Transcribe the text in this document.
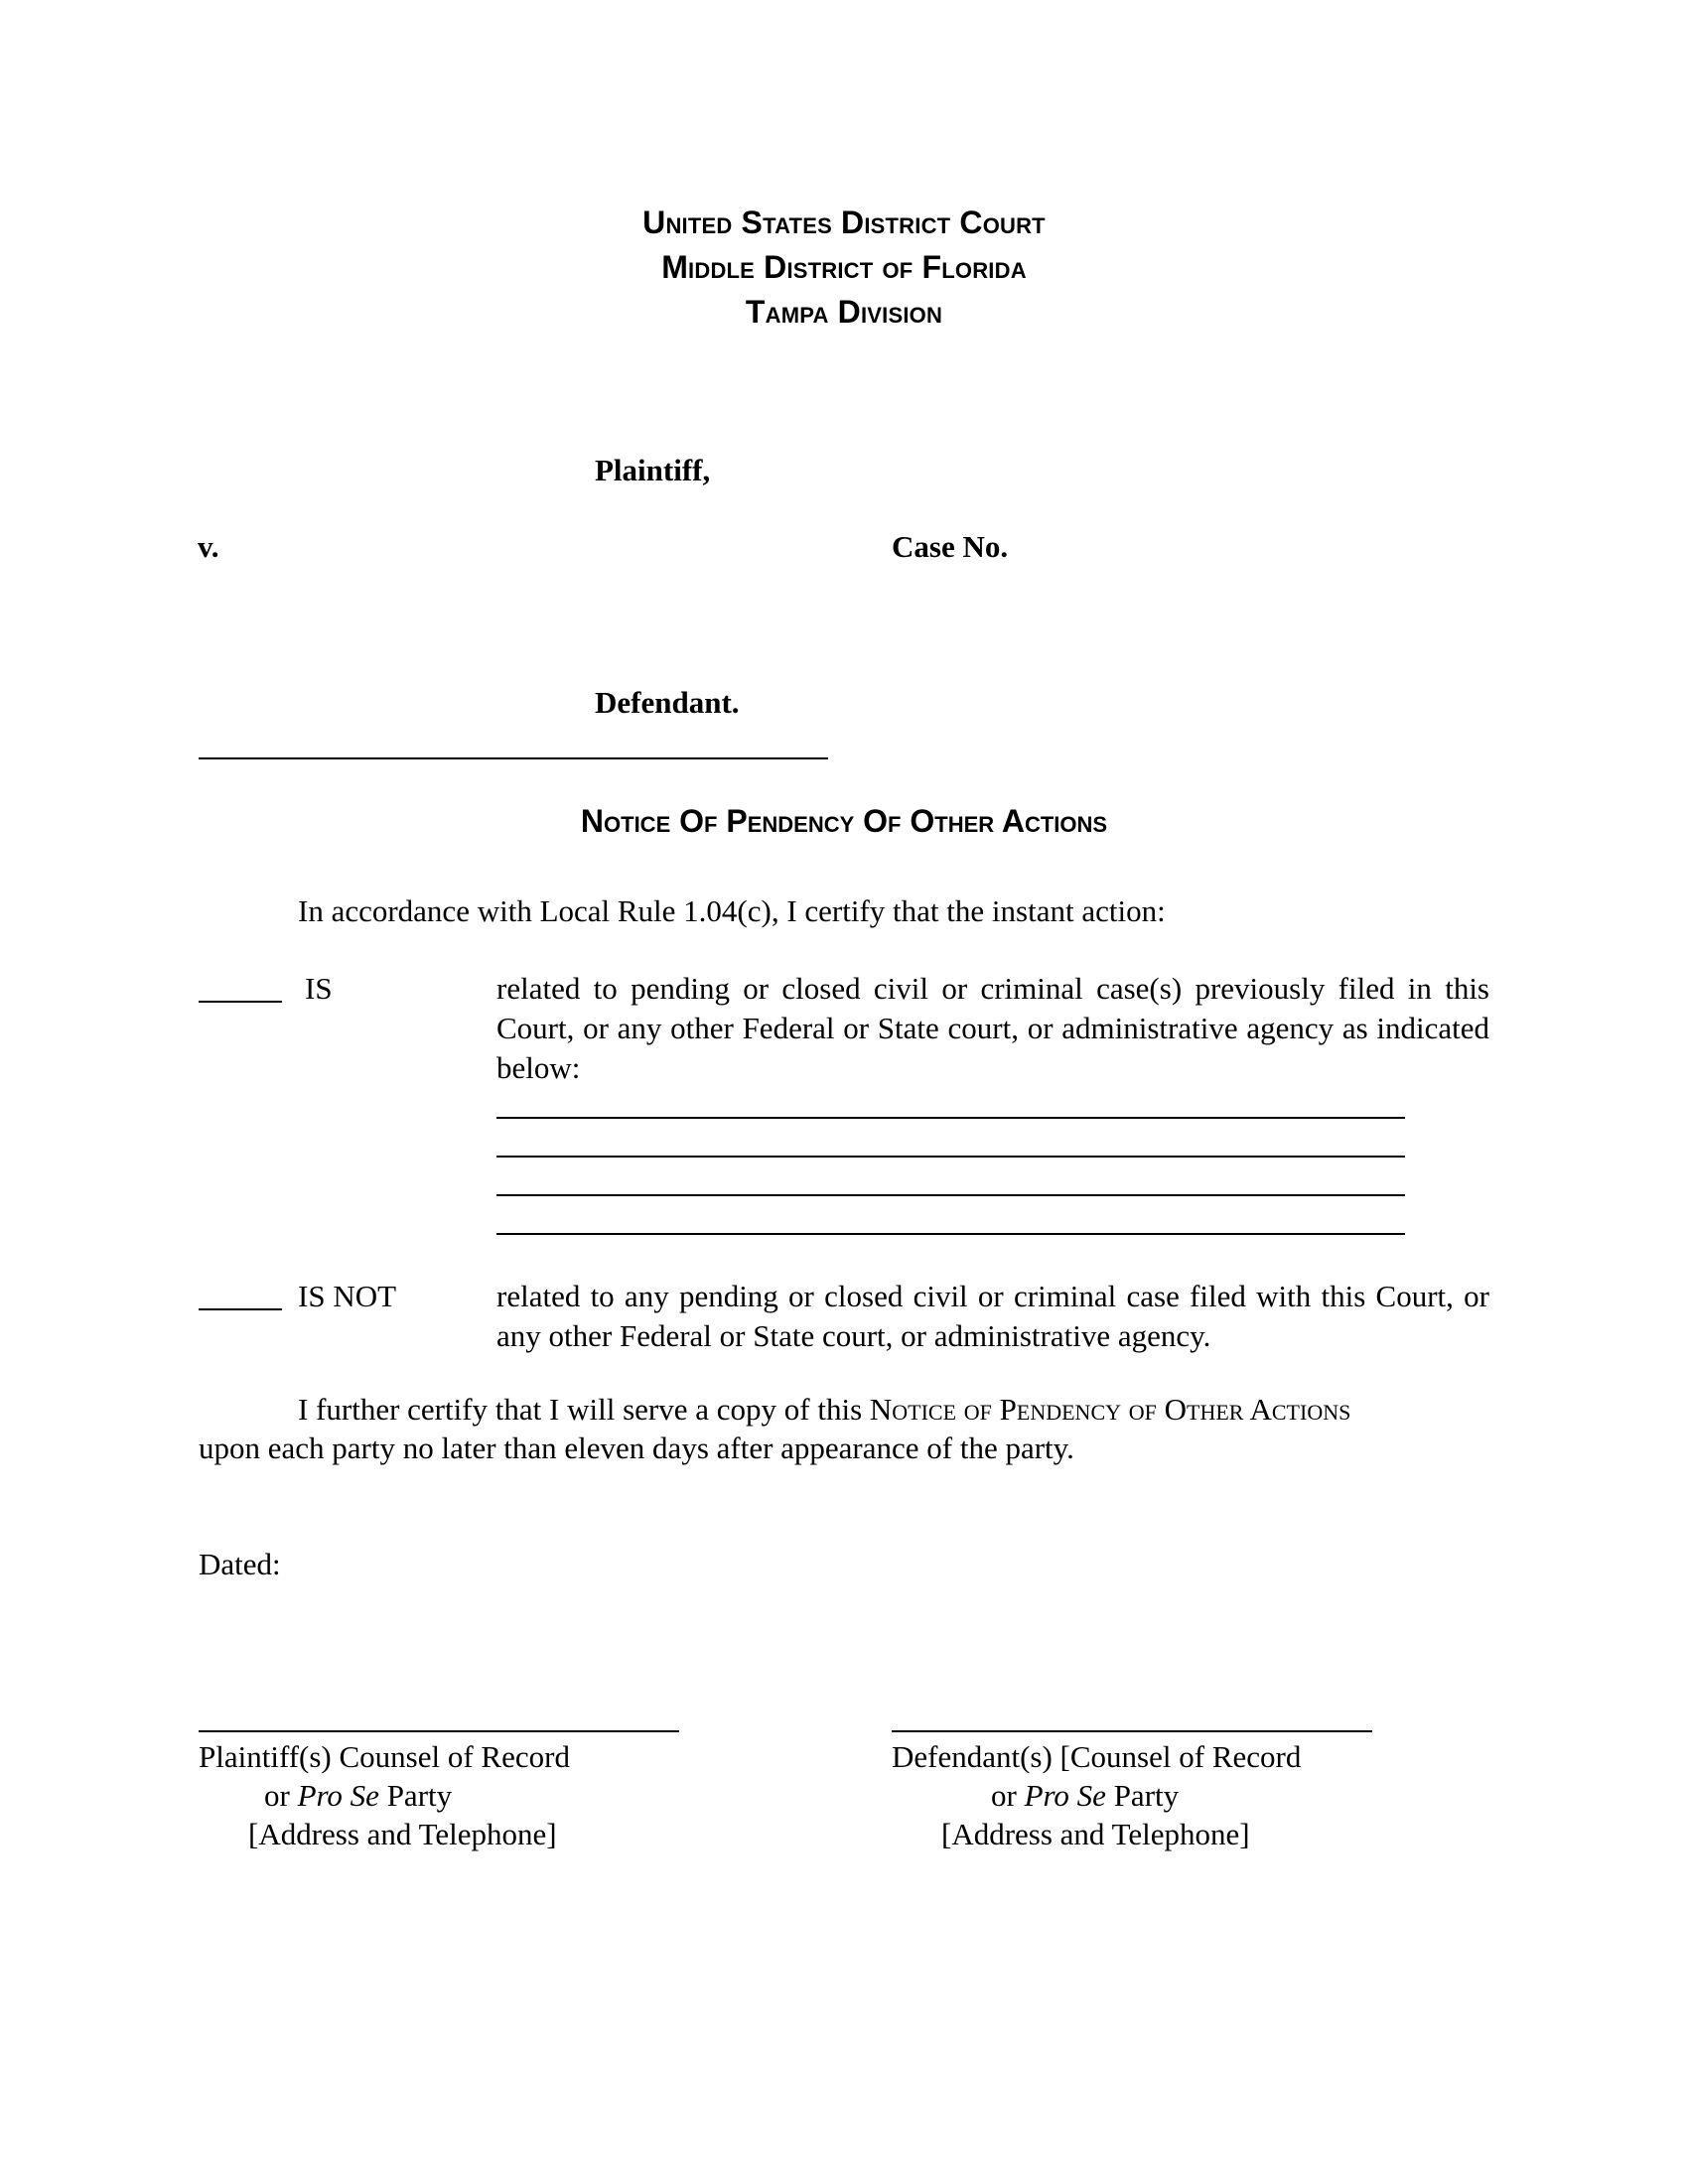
United States District Court
Middle District of Florida
Tampa Division
Plaintiff,
v.	Case No.
Defendant.
Notice Of Pendency Of Other Actions
In accordance with Local Rule 1.04(c), I certify that the instant action:
IS	related to pending or closed civil or criminal case(s) previously filed in this Court, or any other Federal or State court, or administrative agency as indicated below:
IS NOT	related to any pending or closed civil or criminal case filed with this Court, or any other Federal or State court, or administrative agency.
I further certify that I will serve a copy of this Notice of Pendency of Other Actions
upon each party no later than eleven days after appearance of the party.
Dated:
Plaintiff(s) Counsel of Record
or Pro Se Party
[Address and Telephone]
Defendant(s) [Counsel of Record
or Pro Se Party
[Address and Telephone]
